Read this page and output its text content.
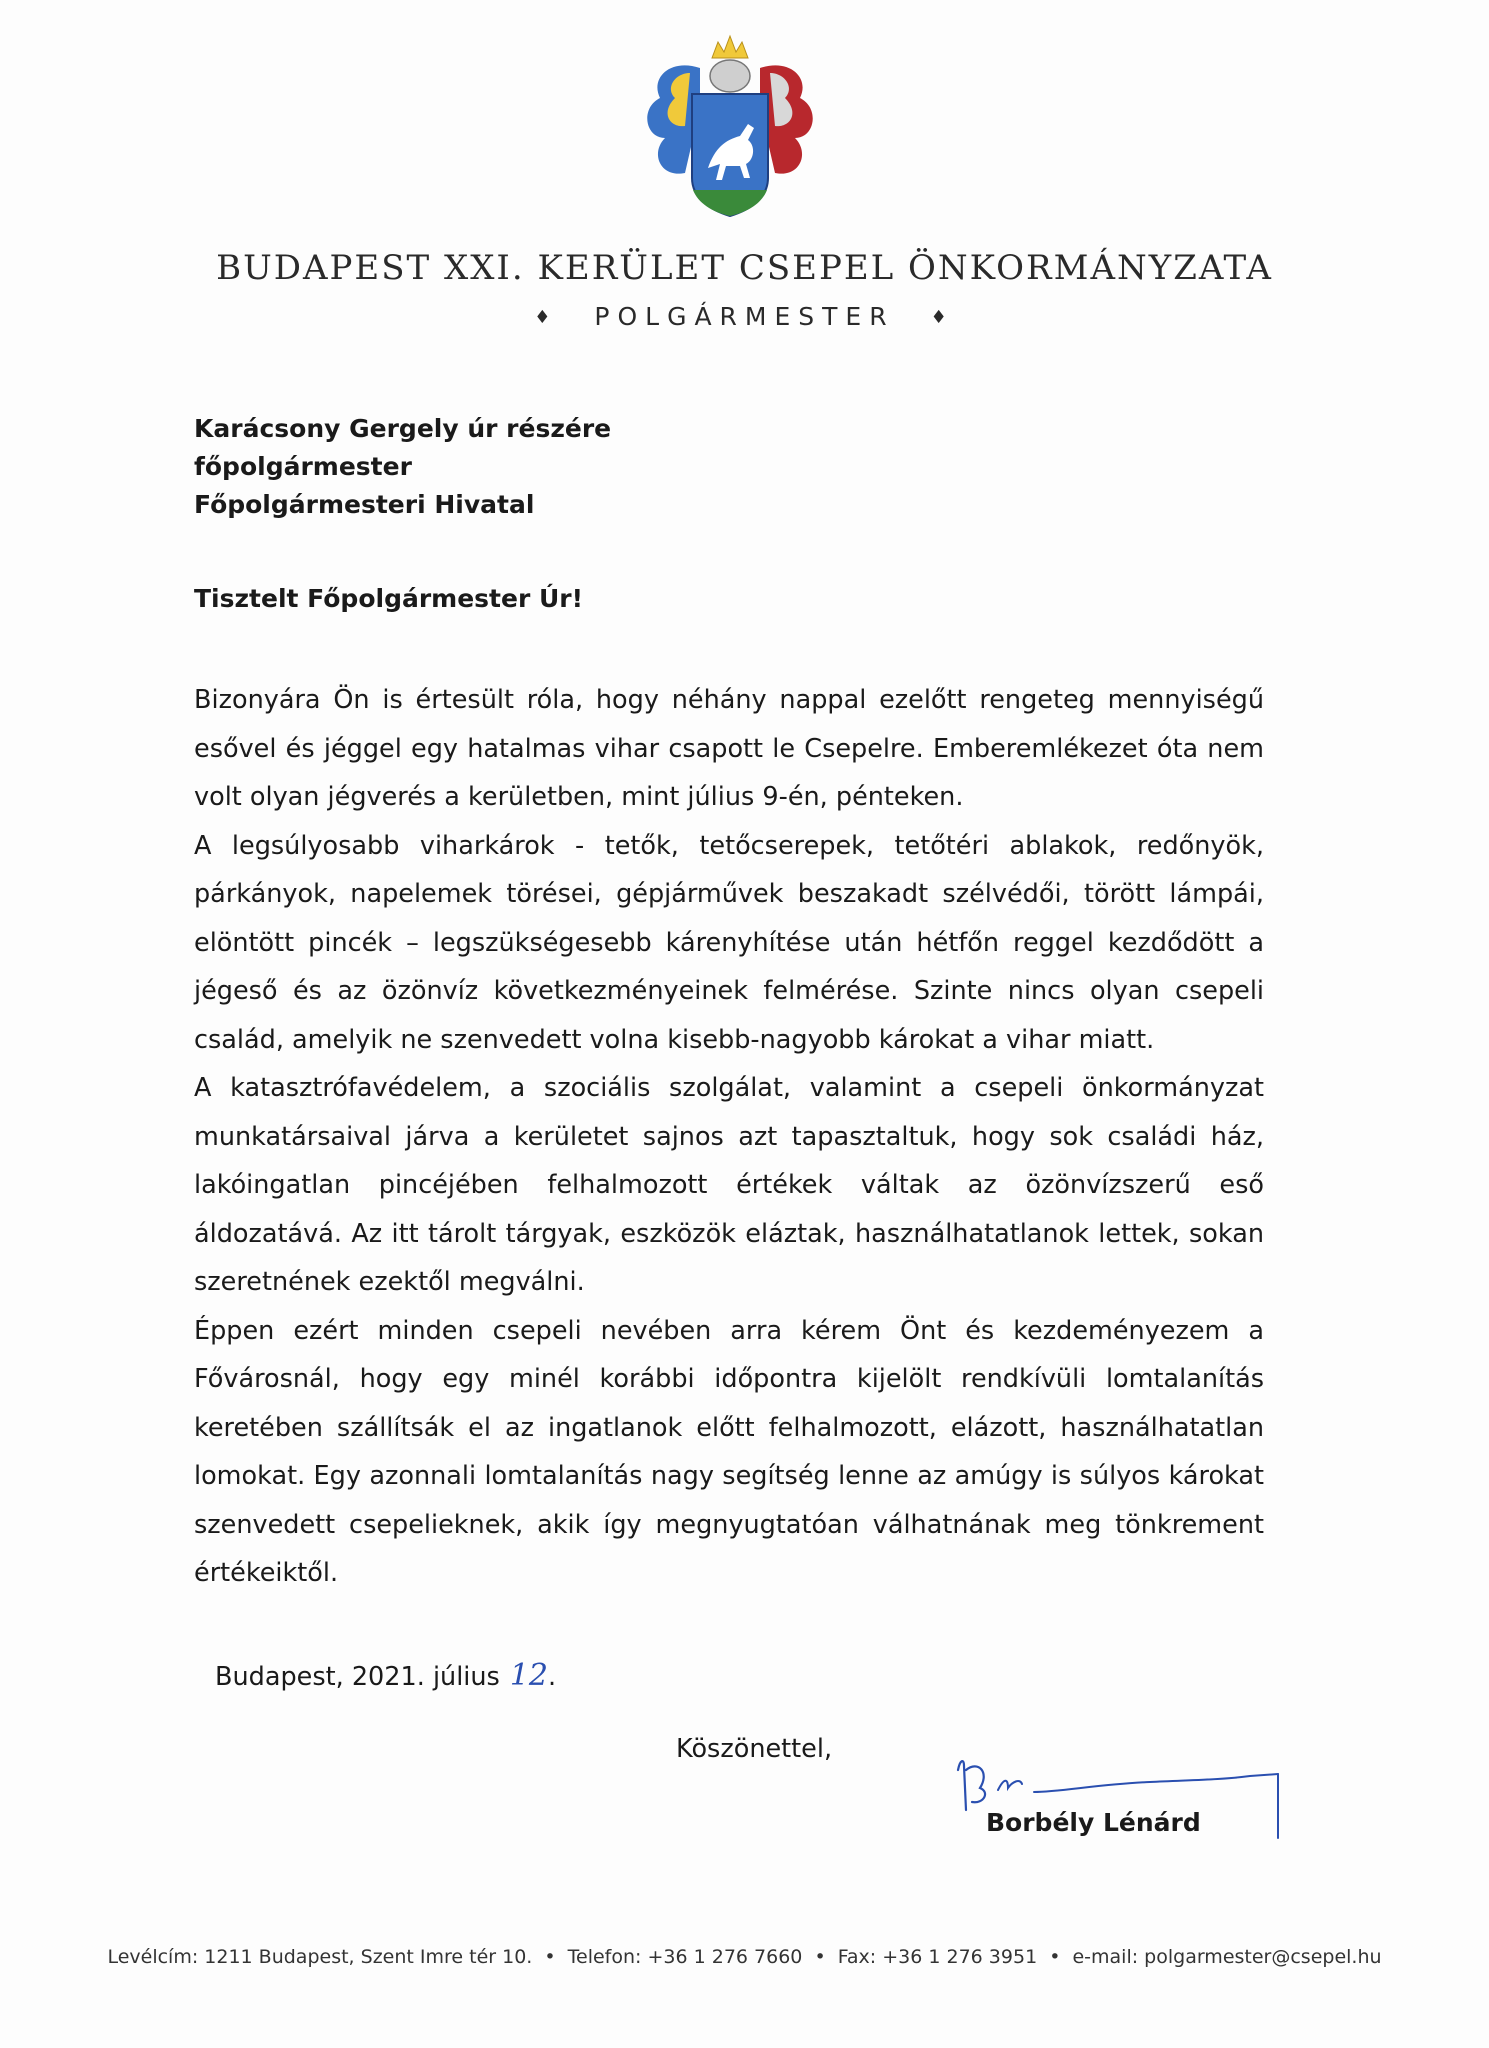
BUDAPEST XXI. KERÜLET CSEPEL ÖNKORMÁNYZATA
♦ POLGÁRMESTER ♦
Karácsony Gergely úr részére
főpolgármester
Főpolgármesteri Hivatal
Tisztelt Főpolgármester Úr!

Bizonyára Ön is értesült róla, hogy néhány nappal ezelőtt rengeteg mennyiségű esővel és jéggel egy hatalmas vihar csapott le Csepelre. Emberemlékezet óta nem volt olyan jégverés a kerületben, mint július 9-én, pénteken.

A legsúlyosabb viharkárok - tetők, tetőcserepek, tetőtéri ablakok, redőnyök, párkányok, napelemek törései, gépjárművek beszakadt szélvédői, törött lámpái, elöntött pincék – legszükségesebb kárenyhítése után hétfőn reggel kezdődött a jégeső és az özönvíz következményeinek felmérése. Szinte nincs olyan csepeli család, amelyik ne szenvedett volna kisebb-nagyobb károkat a vihar miatt.

A katasztrófavédelem, a szociális szolgálat, valamint a csepeli önkormányzat munkatársaival járva a kerületet sajnos azt tapasztaltuk, hogy sok családi ház, lakóingatlan pincéjében felhalmozott értékek váltak az özönvízszerű eső áldozatává. Az itt tárolt tárgyak, eszközök eláztak, használhatatlanok lettek, sokan szeretnének ezektől megválni.

Éppen ezért minden csepeli nevében arra kérem Önt és kezdeményezem a Fővárosnál, hogy egy minél korábbi időpontra kijelölt rendkívüli lomtalanítás keretében szállítsák el az ingatlanok előtt felhalmozott, elázott, használhatatlan lomokat. Egy azonnali lomtalanítás nagy segítség lenne az amúgy is súlyos károkat szenvedett csepelieknek, akik így megnyugtatóan válhatnának meg tönkrement értékeiktől.

Budapest, 2021. július 12.
Köszönettel,
Borbély Lénárd
Levélcím: 1211 Budapest, Szent Imre tér 10. • Telefon: +36 1 276 7660 • Fax: +36 1 276 3951 • e-mail: polgarmester@csepel.hu
